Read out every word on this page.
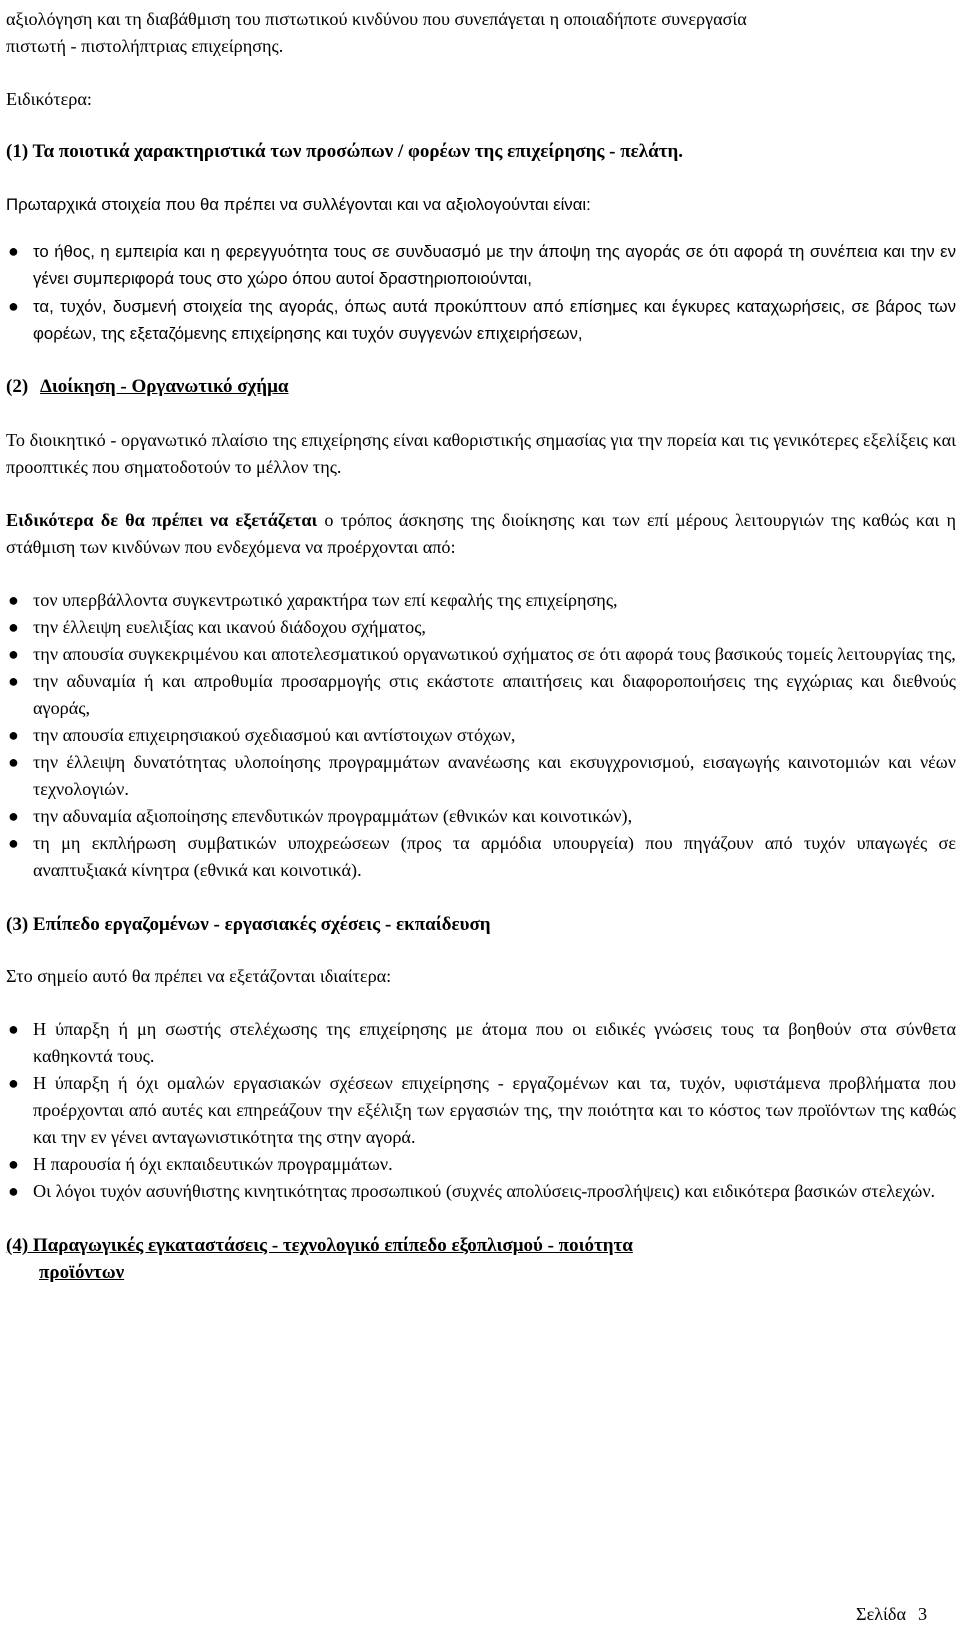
αξιολόγηση και τη διαβάθμιση του πιστωτικού κινδύνου που συνεπάγεται η οποιαδήποτε συνεργασία

πιστωτή - πιστολήπτριας επιχείρησης.

Ειδικότερα:

(1) Τα ποιοτικά χαρακτηριστικά των προσώπων / φορέων της επιχείρησης - πελάτη.

Πρωταρχικά στοιχεία που θα πρέπει να συλλέγονται και να αξιολογούνται είναι:

● το ήθος, η εμπειρία και η φερεγγυότητα τους σε συνδυασμό με την άποψη της αγοράς σε ότι αφορά τη συνέπεια και την εν γένει συμπεριφορά τους στο χώρο όπου αυτοί δραστηριοποιούνται,
● τα, τυχόν, δυσμενή στοιχεία της αγοράς, όπως αυτά προκύπτουν από επίσημες και έγκυρες καταχωρήσεις, σε βάρος των φορέων, της εξεταζόμενης επιχείρησης και τυχόν συγγενών επιχειρήσεων,

(2) Διοίκηση - Οργανωτικό σχήμα

Το διοικητικό - οργανωτικό πλαίσιο της επιχείρησης είναι καθοριστικής σημασίας για την πορεία και τις γενικότερες εξελίξεις και προοπτικές που σηματοδοτούν το μέλλον της.

Ειδικότερα δε θα πρέπει να εξετάζεται ο τρόπος άσκησης της διοίκησης και των επί μέρους λειτουργιών της καθώς και η στάθμιση των κινδύνων που ενδεχόμενα να προέρχονται από:

● τον υπερβάλλοντα συγκεντρωτικό χαρακτήρα των επί κεφαλής της επιχείρησης,
● την έλλειψη ευελιξίας και ικανού διάδοχου σχήματος,
● την απουσία συγκεκριμένου και αποτελεσματικού οργανωτικού σχήματος σε ότι αφορά τους βασικούς τομείς λειτουργίας της,
● την αδυναμία ή και απροθυμία προσαρμογής στις εκάστοτε απαιτήσεις και διαφοροποιήσεις της εγχώριας και διεθνούς αγοράς,
● την απουσία επιχειρησιακού σχεδιασμού και αντίστοιχων στόχων,
● την έλλειψη δυνατότητας υλοποίησης προγραμμάτων ανανέωσης και εκσυγχρονισμού, εισαγωγής καινοτομιών και νέων τεχνολογιών.
● την αδυναμία αξιοποίησης επενδυτικών προγραμμάτων (εθνικών και κοινοτικών),
● τη μη εκπλήρωση συμβατικών υποχρεώσεων (προς τα αρμόδια υπουργεία) που πηγάζουν από τυχόν υπαγωγές σε αναπτυξιακά κίνητρα (εθνικά και κοινοτικά).

(3) Επίπεδο εργαζομένων - εργασιακές σχέσεις - εκπαίδευση

Στο σημείο αυτό θα πρέπει να εξετάζονται ιδιαίτερα:

● Η ύπαρξη ή μη σωστής στελέχωσης της επιχείρησης με άτομα που οι ειδικές γνώσεις τους τα βοηθούν στα σύνθετα καθηκοντά τους.
● Η ύπαρξη ή όχι ομαλών εργασιακών σχέσεων επιχείρησης - εργαζομένων και τα, τυχόν, υφιστάμενα προβλήματα που προέρχονται από αυτές και επηρεάζουν την εξέλιξη των εργασιών της, την ποιότητα και το κόστος των προϊόντων της καθώς και την εν γένει ανταγωνιστικότητα της στην αγορά.
● Η παρουσία ή όχι εκπαιδευτικών προγραμμάτων.
● Οι λόγοι τυχόν ασυνήθιστης κινητικότητας προσωπικού (συχνές απολύσεις-προσλήψεις) και ειδικότερα βασικών στελεχών.

(4) Παραγωγικές εγκαταστάσεις - τεχνολογικό επίπεδο εξοπλισμού - ποιότητα
προϊόντων

Σελίδα 3
